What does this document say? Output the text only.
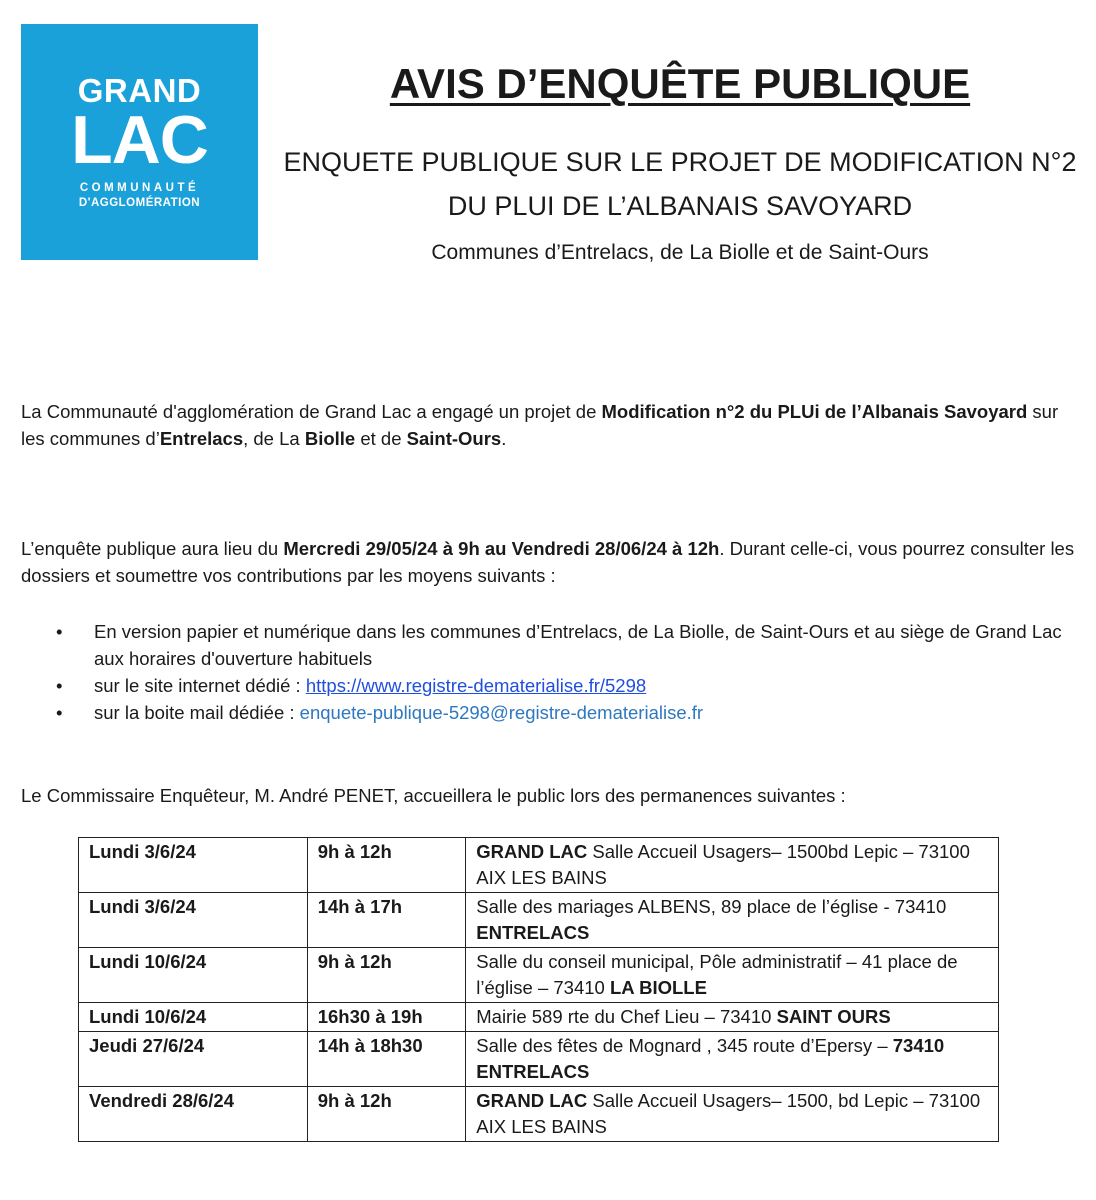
GRAND
LAC
COMMUNAUTÉ
D'AGGLOMÉRATION
AVIS D’ENQUÊTE PUBLIQUE
ENQUETE PUBLIQUE SUR LE PROJET DE MODIFICATION N°2
DU PLUI DE L’ALBANAIS SAVOYARD
Communes d’Entrelacs, de La Biolle et de Saint-Ours
La Communauté d'agglomération de Grand Lac a engagé un projet de Modification n°2 du PLUi de l’Albanais Savoyard sur les communes d’Entrelacs, de La Biolle et de Saint-Ours.
L’enquête publique aura lieu du Mercredi 29/05/24 à 9h au Vendredi 28/06/24 à 12h. Durant celle-ci, vous pourrez consulter les dossiers et soumettre vos contributions par les moyens suivants :
• En version papier et numérique dans les communes d’Entrelacs, de La Biolle, de Saint-Ours et au siège de Grand Lac aux horaires d'ouverture habituels
• sur le site internet dédié : https://www.registre-dematerialise.fr/5298
• sur la boite mail dédiée : enquete-publique-5298@registre-dematerialise.fr
Le Commissaire Enquêteur, M. André PENET, accueillera le public lors des permanences suivantes :
Lundi 3/6/24	9h à 12h	GRAND LAC Salle Accueil Usagers– 1500bd Lepic – 73100 AIX LES BAINS
Lundi 3/6/24	14h à 17h	Salle des mariages ALBENS, 89 place de l’église - 73410 ENTRELACS
Lundi 10/6/24	9h à 12h	Salle du conseil municipal, Pôle administratif – 41 place de l’église – 73410 LA BIOLLE
Lundi 10/6/24	16h30 à 19h	Mairie 589 rte du Chef Lieu – 73410 SAINT OURS
Jeudi 27/6/24	14h à 18h30	Salle des fêtes de Mognard , 345 route d’Epersy – 73410 ENTRELACS
Vendredi 28/6/24	9h à 12h	GRAND LAC Salle Accueil Usagers– 1500, bd Lepic – 73100 AIX LES BAINS
